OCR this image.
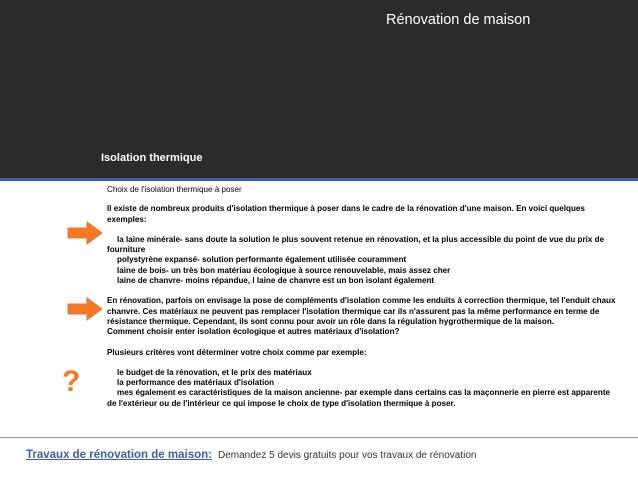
Rénovation de maison
Isolation thermique
?

Choix de l'isolation thermique à poser

Il existe de nombreux produits d'isolation thermique à poser dans le cadre de la rénovation d'une maison. En voici quelques exemples:

la laine minérale- sans doute la solution le plus souvent retenue en rénovation, et la plus accessible du point de vue du prix de fourniture

polystyrène expansé- solution performante également utilisée couramment

laine de bois- un très bon matériau écologique à source renouvelable, mais assez cher

laine de chanvre- moins répandue, l laine de chanvre est un bon isolant également

En rénovation, parfois on envisage la pose de compléments d'isolation comme les enduits à correction thermique, tel l'enduit chaux chanvre. Ces matériaux ne peuvent pas remplacer l'isolation thermique car ils n'assurent pas la même performance en terme de résistance thermique. Cependant, ils sont connu pour avoir un rôle dans la régulation hygrothermique de la maison.

Comment choisir enter isolation écologique et autres matériaux d'isolation?

Plusieurs critères vont déterminer votre choix comme par exemple:

le budget de la rénovation, et le prix des matériaux

la performance des matériaux d'isolation

mes également es caractéristiques de la maison ancienne- par exemple dans certains cas la maçonnerie en pierre est apparente de l'extérieur ou de l'intérieur ce qui impose le choix de type d'isolation thermique à poser.

Travaux de rénovation de maison: Demandez 5 devis gratuits pour vos travaux de rénovation
